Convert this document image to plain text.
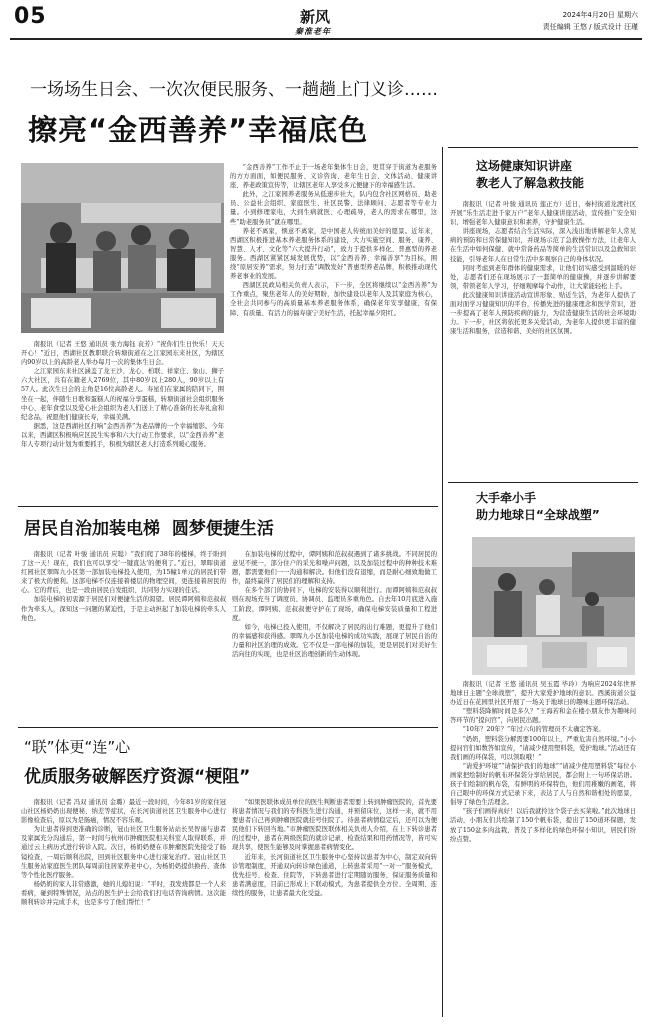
05	新风
秦淮老年
2024年4月20日 星期六
责任编辑 王悠 / 版式设计 汪瑾
一场场生日会、一次次便民服务、一趟趟上门义诊……
擦亮“金西善养”幸福底色

南报讯（记者 王悠 通讯员 张方海钰 袁芳）“祝你们生日快乐！天天开心！”近日，西湖社区教职联合转塘街道在之江家园东来社区，为辖区内90岁以上的高龄老人举办每月一次的集体生日会。

之江家园东来社区涵盖了龙王沙、龙心、柏联、祥家庄、象山、狮子六大社区，共有在籍老人2769位，其中80岁以上280人，90岁以上有57人。此次生日会的主角是16位高龄老人。寿星们在家属的陪同下，围坐在一起，伴随生日歌和蛋糕人的祝福分享蛋糕，转塘街道社会组织服务中心、老年食堂以及爱心社会组织为老人们送上了精心准备的长寿礼盒和纪念品，祝愿他们健康长寿，幸福美满。

据悉，这是西湖社区打响“金西善养”为老品牌的一个幸福缩影。今年以来，西湖区积极响应区民生实事和六大行动工作要求，以“金西善养”老年人专项行动计划为重要抓手，积极为辖区老人打造系列暖心服务。

“金西善养”工作不止于一场老年集体生日会，更贯穿于街道为老服务的方方面面，如便民服务、义诊咨询、老年生日会、文体活动、健康讲座、养老政策宣传等，让辖区老年人享受多元便捷下的幸福感生活。

此外，之江家园养老服务从低速步社大，队内包含社区网格员、助老员、公益社会组织、家庭医生、社区民警、法律顾问、志愿者等专业力量。小到修理家电，大到生病就医、心理疏导，老人的需求在哪里，这些“助老服务员”就在哪里。

养老不离家，惬意不离家，是中国老人传统而美好的愿景。近年来，西湖区积极推进基本养老服务体系的建设，大力实施空间、服务、康养、智慧、人才、文化等“六大提升行动”，致力于提供多样化、普惠型的养老服务。西湖区紧紧区域发展优势，以“金西善养、幸福善享”为目标，围绕“原居安养”需求，努力打造“调散发好”普惠型养老品牌，积极推动现代养老事业的发展。

西湖区民政局相关负责人表示，下一步，全区将继续以“金西善养”为工作重点，聚焦老年人的美好期盼，加快建设以老年人及其家庭为核心，全社会共同参与的高质量基本养老服务体系，确保老年安享健康、有保障、有质量、有活力的福寿康宁美好生活，托起幸福夕阳红。

居民自治加装电梯  圆梦便捷生活

南报讯（记者 叶骏 通讯员 应聪）“我们爬了38年的楼梯，终于盼到了这一天！现在，我们也可以享受‘一键直达’的便利了。”近日，翠晖街道红园社区翠晖九小区第一部加装电梯投入使用，为15幢1单元的居民们带来了极大的便利。这部电梯不仅连接着楼层的物理空间，更连接着居民的心。它的背后，也是一段由居民自发组织、共同努力实现的佳话。

加装电梯的初衷源于居民们对便捷生活的渴望。居民谭阿姨和范叔叔作为牵头人，深知这一问题的紧迫性，于是主动担起了加装电梯的牵头人角色。

在加装电梯的过程中，谭阿姨和范叔叔遇到了诸多挑战。不同居民的意见不统一，部分住户的采光和噪声问题，以及加装过程中的种种技术难题，都需要他们一一沟通和解决。但他们没有退缩，而是耐心细致地做工作，最终赢得了居民们的理解和支持。

在多个部门的协同下，电梯的安装得以顺利进行。而谭阿姨和范叔叔则在现场充当了调度员、协调员、监理员多重角色。自去年10月底进入施工阶段，谭阿姨、范叔叔便守护在了现场，确保电梯安装质量和工程进度。

如今，电梯已投入使用，不仅解决了居民的出行难题，更提升了他们的幸福感和获得感。翠晖九小区加装电梯的成功实践，展现了居民自治的力量和社区治理的成效。它不仅是一部电梯的加装，更是居民们对美好生活向往的实现，也是社区治理创新的生动体现。

“联”体更“连”心
优质服务破解医疗资源“梗阻”

南报讯（记者 冯双 通讯员 金璐）最近一段时间，今年81岁的家住冠山社区杨奶奶出现便秘、纳差等症状，在长河街道社区卫生服务中心进行影像检查后，原以为是肠癌，情况不容乐观。

为让患者得到更准确的诊断，冠山社区卫生服务站站长吴智丽与患者及家属充分沟通后，第一时间与杭州市肿瘤医院相关科室人取得联系，并通过云上病历式进行转诊入院。次日，杨奶奶便在市肿瘤医院先接受了肠镜检查，一周后顺利出院，回到社区服务中心进行康复治疗。冠山社区卫生服务站家庭医生团队每周前往居家养老中心，为杨奶奶提供换药、查体等个性化医疗服务。

杨奶奶的家人非常感激，她的儿媳妇说：“平时，我发烧都是一个人来看病，碰到特殊情况，站点的医生护士会给我们打电话咨询病情。这次能顺利转诊并完成手术，也是多亏了他们帮忙！”

“如果医联体成员单位的医生判断患者需要上转到肿瘤医院的，首先要将患者情况与我们的专科医生进行沟通，并预留床位，这样一来，就不用要患者自己再到肿瘤医院就挂号住院了。待患者病情稳定后，还可以为便民他们下转回当地。”市肿瘤医院医联体相关负责人介绍，在上下转诊患者的过程中，患者在两级医院的就诊记录、检查结果和用药情况等，皆可实现共享，使医生能够及时掌握患者病情变化。

近年来，长河街道社区卫生服务中心坚持以患者为中心，制定双向转诊管理制度，开通双向转诊绿色通道，上转患者采用“一对一”服务模式，优先挂号、检查、住院等，下转患者进行定期随访服务，保证服务质量和患者满意度，目前已形成上下联动模式，为患者提供全方位、全周期、连续性的服务，让患者最大化受益。

这场健康知识讲座
教老人了解急救技能

南报讯（记者 叶骏 通讯员 莲正方）近日，秦村街道龙渡社区开展“乐生活走进千家万户”老年人健康讲座活动，宣传推广安全知识，增强老年人健康意识和素养，守护健康生活。

讲座现场，志愿者结合生活实际，深入浅出地讲解老年人常见病的预防和日常保健知识，并现场示范了急救操作方法，让老年人在生活中如何保健、就中常备药品等简单的生活常识以及急救知识技能，引导老年人在日常生活中多观察自己的身体状况。

同时考虑到老年群体的健康需求，让他们切实感受到温暖的好处，志愿者们还在现场展示了一套简单的健康操，并逐步讲解要领，带领老年人学习，仔细观摩每个动作，让大家能轻松上手。

此次健康知识讲座活动宣讲形象、贴近生活，为老年人提供了面对面学习健康知识的平台，传播先进的健康理念和医学常识，进一步提高了老年人预防疾病的能力，为营造健康生活的社会环境助力。下一步，社区将依托更多关爱活动，为老年人提供更丰富的健康生活和服务，营造和谐、美好的社区氛围。

大手牵小手
助力地球日“全球战塑”

南报讯（记者 王悠 通讯员 吴玉霞 毕玲）为响应2024年世界地球日主题“全球战塑”，提升大家爱护地球的意识。西溪街道公益办近日在花园里社区开展了一场关于地球日的趣味主题环保活动。

“塑料袋降解时间是多久？”王海若和金在楼小朋友作为趣味问答环节的“提问官”，向居民出题。

“10年？20年？”年过六旬的管理员不太确定答案。

“奶奶，塑料袋分解需要100年以上，严重危害自然环境。”小小提问官们如数答如宣传，“请减少使用塑料袋，爱护地球。”活动还有我们画的环保袋，可以领取哦！”

“请爱护环境”“请保护我们的地球”“请减少使用塑料袋”每位小画家把绘制好的帆布环保袋分享给居民，都会附上一句环保话语。孩子们绘制的帆布袋，有鲜明的环保特色，他们用稚嫩的画笔，将自己眼中的环保方式记录下来，表达了人与自然和谐相处的愿景，倡导了绿色生活理念。

“孩子们画得真好！以后我就拎这个袋子去买菜啦。”此次地球日活动，小朋友们共绘制了150个帆布袋，提出了150道环保题，发放了150盆多肉盆栽，普及了多样化的绿色环保小知识，居民们纷纷点赞。
